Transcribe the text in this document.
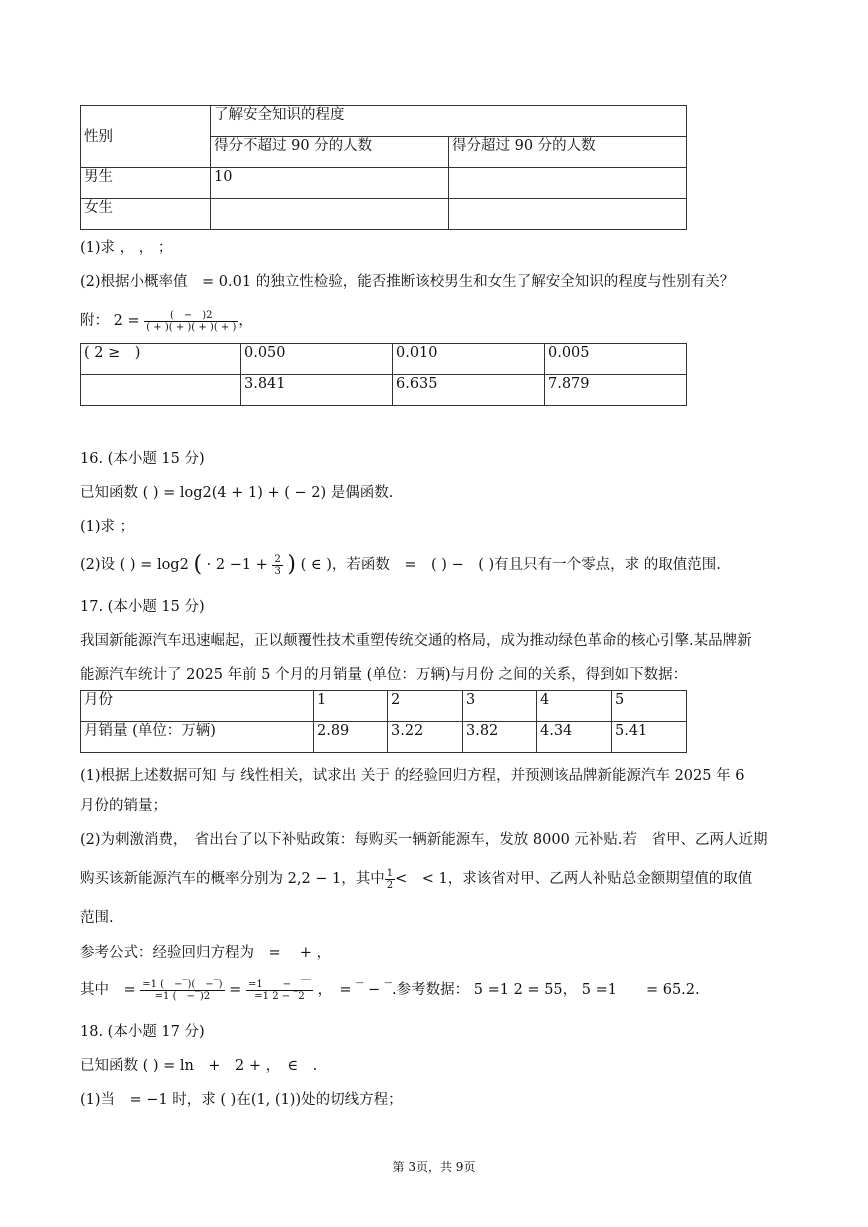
性别	了解安全知识的程度	
	得分不超过 90 分的人数	得分超过 90 分的人数
男生	10	
女生		
(1)求 ， ， ；
(2)根据小概率值　= 0.01 的独立性检验，能否推断该校男生和女生了解安全知识的程度与性别有关？
附： $2 = \frac{( - )2}{( + )( + )( + )( + )}$ ，
( 2 ≥　)	0.050	0.010	0.005
	3.841	6.635	7.879
16. (本小题 15 分)
已知函数 ( ) = log2(4 + 1) + ( − 2) 是偶函数.
(1)求 ；
(2)设 ( ) = log2 ( · $2 -1 + \frac{2}{3}$ ) ( ∈ )，若函数　=　( ) −　( )有且只有一个零点，求 的取值范围.
17. (本小题 15 分)
我国新能源汽车迅速崛起，正以颠覆性技术重塑传统交通的格局，成为推动绿色革命的核心引擎.某品牌新
能源汽车统计了 2025 年前 5 个月的月销量 (单位：万辆)与月份 之间的关系，得到如下数据：
月份	1	2	3	4	5
月销量 (单位：万辆)	2.89	3.22	3.82	4.34	5.41
(1)根据上述数据可知 与 线性相关，试求出 关于 的经验回归方程，并预测该品牌新能源汽车 2025 年 6
月份的销量；
(2)为刺激消费，　省出台了以下补贴政策：每购买一辆新能源车，发放 8000 元补贴.若　省甲、乙两人近期
购买该新能源汽车的概率分别为 2,2 − 1，其中 $\frac{1}{2}$ <　< 1，求该省对甲、乙两人补贴总金额期望值的取值
范围.
参考公式：经验回归方程为　=　 + ，
其中　= $\frac{=1 ( -‾)( -‾)}{=1 ( -‾)2} = \frac{=1 - ‾‾}{=1 2 - ‾2}$ ，　= ‾ − ‾.参考数据： 5 =1 2 = 55， 5 =1　　= 65.2.
18. (本小题 17 分)
已知函数 ( ) = ln　+　2 + ，　∈　.
(1)当　= −1 时，求 ( )在(1, (1))处的切线方程；
第 3页，共 9页
